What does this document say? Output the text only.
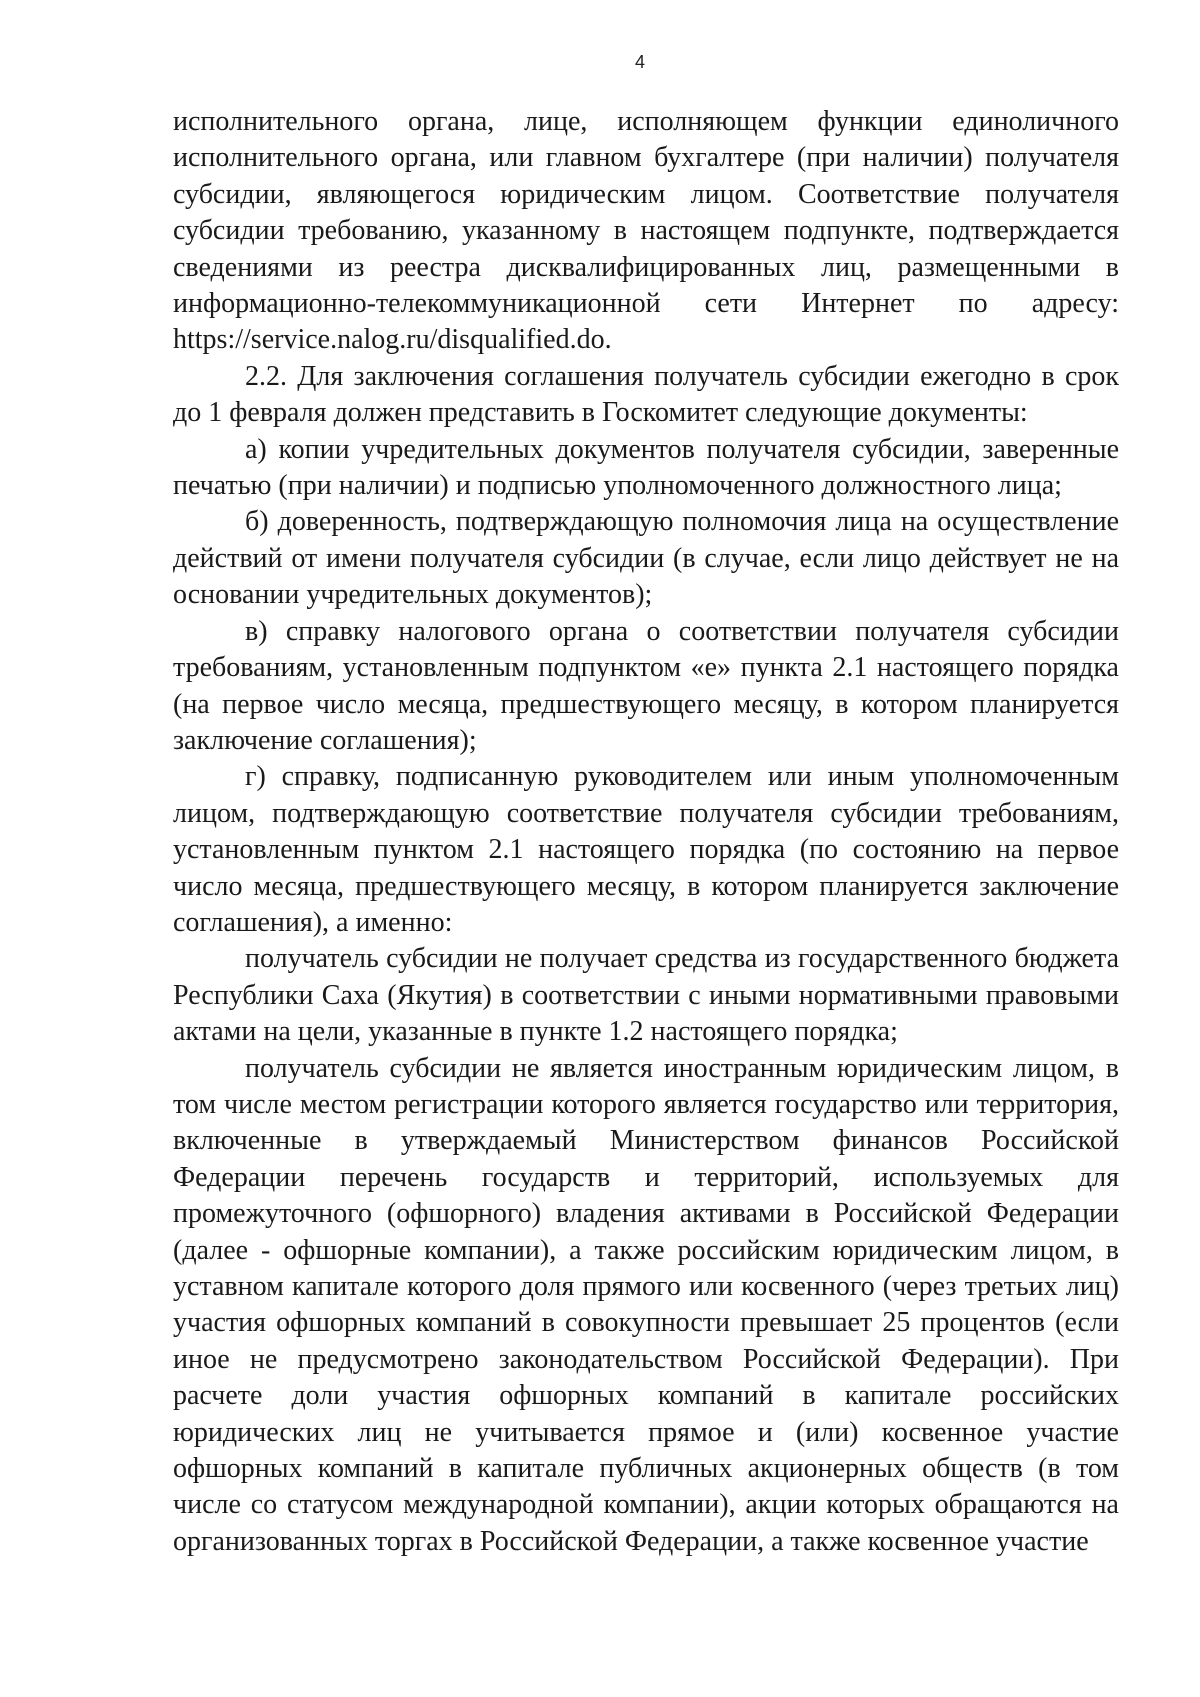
4

исполнительного органа, лице, исполняющем функции единоличного исполнительного органа, или главном бухгалтере (при наличии) получателя субсидии, являющегося юридическим лицом. Соответствие получателя субсидии требованию, указанному в настоящем подпункте, подтверждается сведениями из реестра дисквалифицированных лиц, размещенными в информационно-телекоммуникационной сети Интернет по адресу: https://service.nalog.ru/disqualified.do.

2.2. Для заключения соглашения получатель субсидии ежегодно в срок до 1 февраля должен представить в Госкомитет следующие документы:

а) копии учредительных документов получателя субсидии, заверенные печатью (при наличии) и подписью уполномоченного должностного лица;

б) доверенность, подтверждающую полномочия лица на осуществление действий от имени получателя субсидии (в случае, если лицо действует не на основании учредительных документов);

в) справку налогового органа о соответствии получателя субсидии требованиям, установленным подпунктом «е» пункта 2.1 настоящего порядка (на первое число месяца, предшествующего месяцу, в котором планируется заключение соглашения);

г) справку, подписанную руководителем или иным уполномоченным лицом, подтверждающую соответствие получателя субсидии требованиям, установленным пунктом 2.1 настоящего порядка (по состоянию на первое число месяца, предшествующего месяцу, в котором планируется заключение соглашения), а именно:

получатель субсидии не получает средства из государственного бюджета Республики Саха (Якутия) в соответствии с иными нормативными правовыми актами на цели, указанные в пункте 1.2 настоящего порядка;

получатель субсидии не является иностранным юридическим лицом, в том числе местом регистрации которого является государство или территория, включенные в утверждаемый Министерством финансов Российской Федерации перечень государств и территорий, используемых для промежуточного (офшорного) владения активами в Российской Федерации (далее - офшорные компании), а также российским юридическим лицом, в уставном капитале которого доля прямого или косвенного (через третьих лиц) участия офшорных компаний в совокупности превышает 25 процентов (если иное не предусмотрено законодательством Российской Федерации). При расчете доли участия офшорных компаний в капитале российских юридических лиц не учитывается прямое и (или) косвенное участие офшорных компаний в капитале публичных акционерных обществ (в том числе со статусом международной компании), акции которых обращаются на организованных торгах в Российской Федерации, а также косвенное участие
